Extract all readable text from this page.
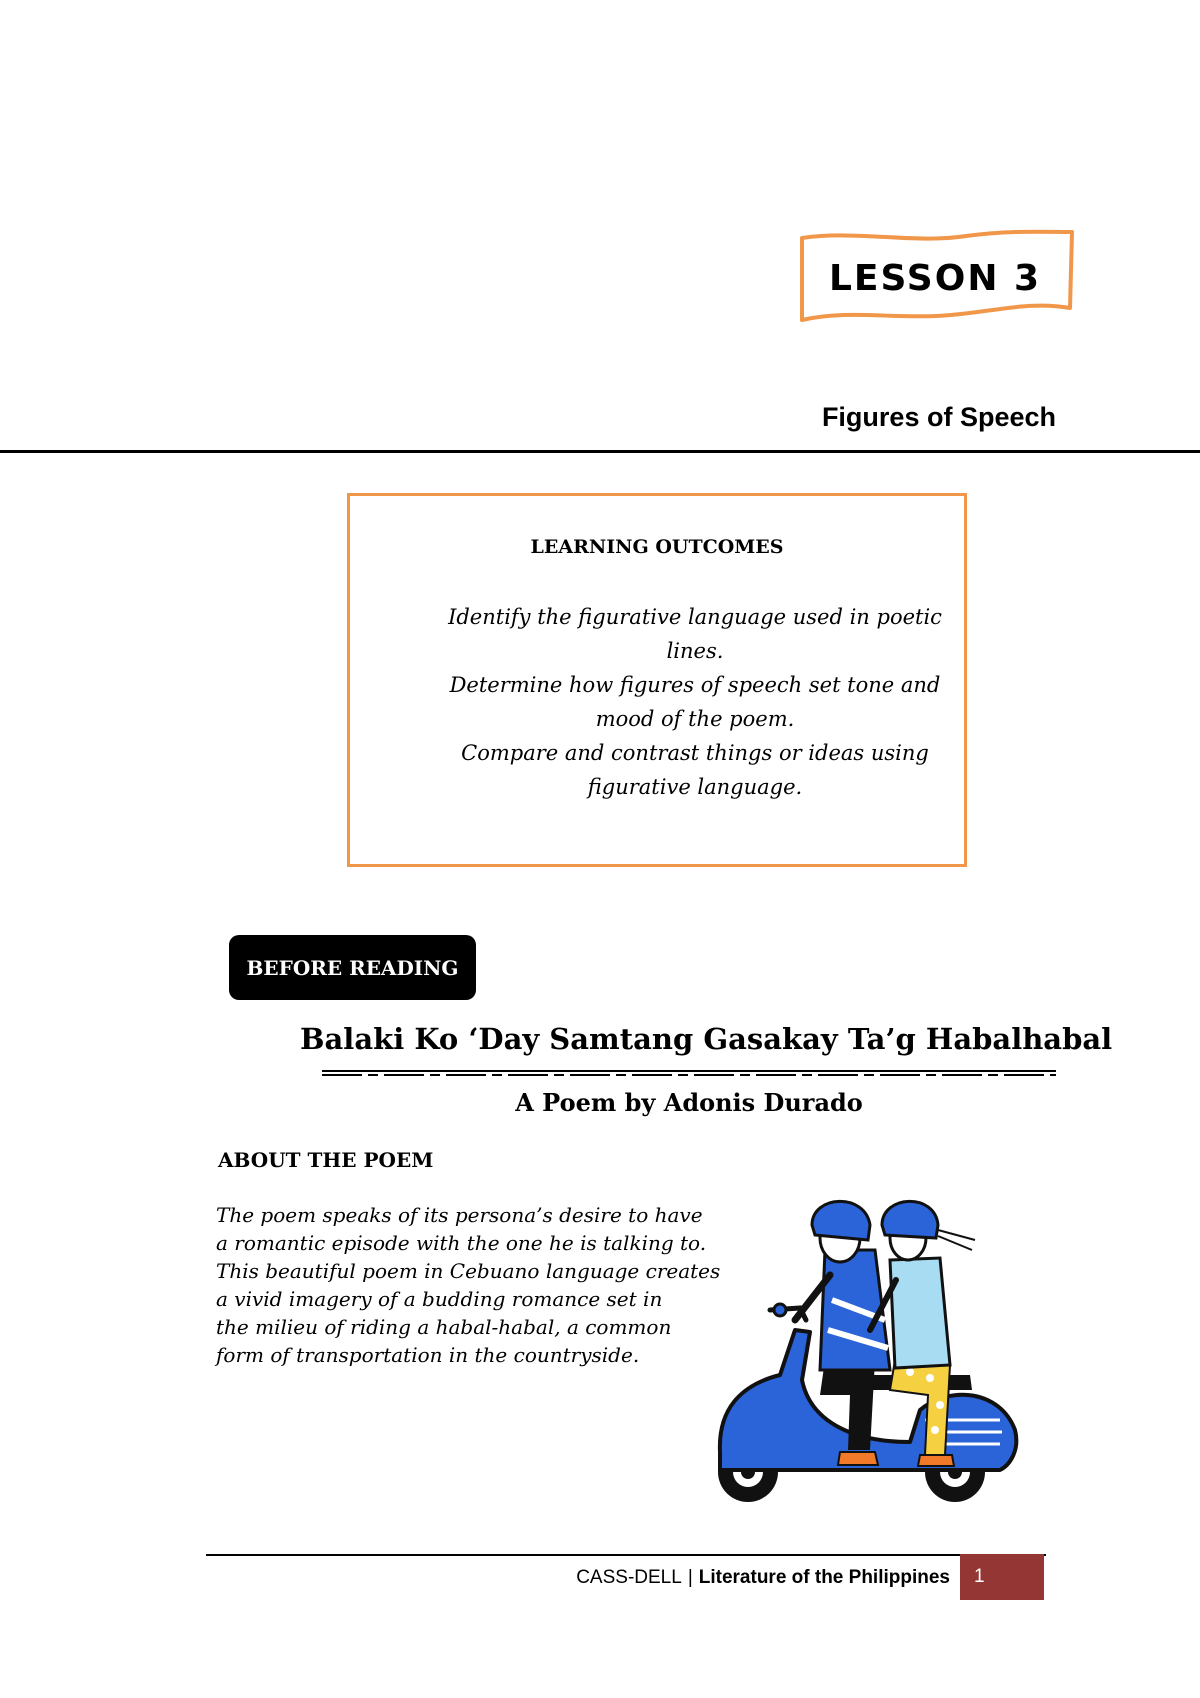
LESSON 3
Figures of Speech
LEARNING OUTCOMES
Identify the figurative language used in poetic lines.
Determine how figures of speech set tone and mood of the poem.
Compare and contrast things or ideas using figurative language.
BEFORE READING
Balaki Ko ‘Day Samtang Gasakay Ta’g Habalhabal
A Poem by Adonis Durado
ABOUT THE POEM

The poem speaks of its persona’s desire to have
a romantic episode with the one he is talking to.
This beautiful poem in Cebuano language creates
a vivid imagery of a budding romance set in
the milieu of riding a habal-habal, a common
form of transportation in the countryside.

CASS-DELL | Literature of the Philippines	1
